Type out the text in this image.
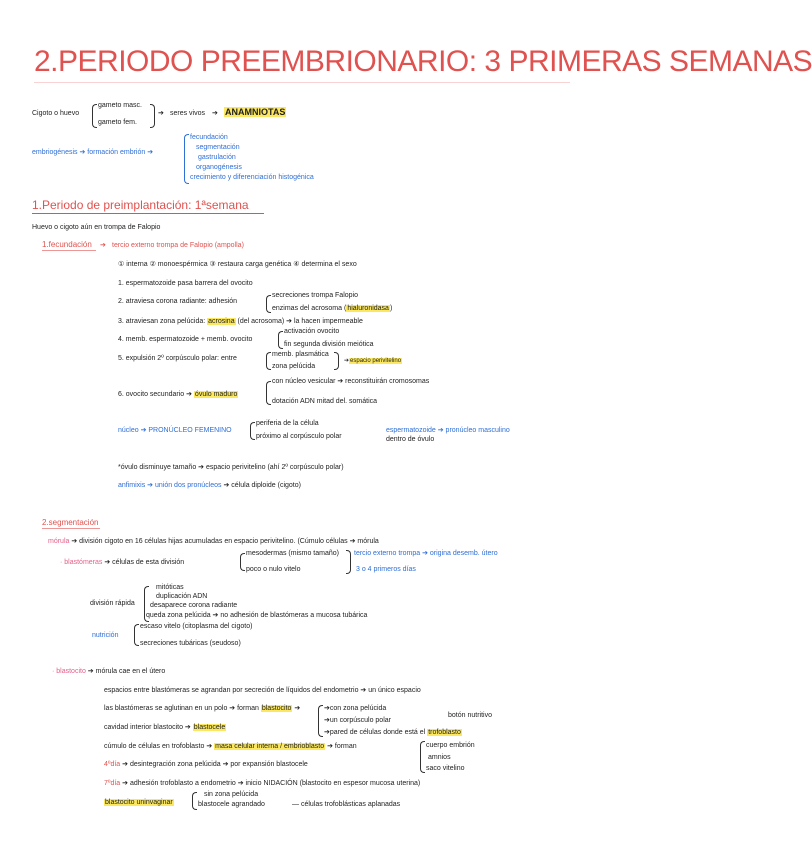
2.PERIODO PREEMBRIONARIO: 3 PRIMERAS SEMANAS
Cigoto o huevo
gameto masc.
gameto fem.
➔ seres vivos ➔ ANAMNIOTAS
embriogénesis ➔ formación embrión ➔
fecundación
segmentación
gastrulación
organogénesis
crecimiento y diferenciación histogénica
1.Periodo de preimplantación: 1ªsemana
Huevo o cigoto aún en trompa de Falopio
1.fecundación ➔ tercio externo trompa de Falopio (ampolla)
① interna ② monoespérmica ③ restaura carga genética ④ determina el sexo
1. espermatozoide pasa barrera del ovocito
2. atraviesa corona radiante: adhesión
secreciones trompa Falopio
enzimas del acrosoma (hialuronidasa)
3. atraviesan zona pelúcida: acrosina (del acrosoma) ➔ la hacen impermeable
4. memb. espermatozoide + memb. ovocito
activación ovocito
fin segunda división meiótica
5. expulsión 2º corpúsculo polar: entre
memb. plasmática
zona pelúcida
➔espacio perivitelino
6. ovocito secundario ➔ óvulo maduro
con núcleo vesicular ➔ reconstituirán cromosomas
dotación ADN mitad del. somática
núcleo ➔ PRONÚCLEO FEMENINO
periferia de la célula
próximo al corpúsculo polar
espermatozoide ➔ pronúcleo masculino
dentro de óvulo
*óvulo disminuye tamaño ➔ espacio perivitelino (ahí 2º corpúsculo polar)
anfimixis ➔ unión dos pronúcleos ➔ célula diploide (cigoto)
2.segmentación
mórula ➔ división cigoto en 16 células hijas acumuladas en espacio perivitelino. (Cúmulo células ➔ mórula
· blastómeras ➔ células de esta división
mesodermas (mismo tamaño)
poco o nulo vitelo
tercio externo trompa ➔ origina desemb. útero
3 o 4 primeros días
división rápida
mitóticas
duplicación ADN
desaparece corona radiante
queda zona pelúcida ➔ no adhesión de blastómeras a mucosa tubárica
nutrición
escaso vitelo (citoplasma del cigoto)
secreciones tubáricas (seudoso)
· blastocito ➔ mórula cae en el útero
espacios entre blastómeras se agrandan por secreción de líquidos del endometrio ➔ un único espacio
las blastómeras se aglutinan en un polo ➔ forman blastocito ➔	➔con zona pelúcida
➔un corpúsculo polar
➔pared de células donde está el trofoblasto
cavidad interior blastocito ➔ blastocele
cúmulo de células en trofoblasto ➔ masa celular interna / embrioblasto ➔ forman
botón nutritivo
cuerpo embrión
amnios
saco vitelino
4ºdía ➔ desintegración zona pelúcida ➔ por expansión blastocele
7ºdía ➔ adhesión trofoblasto a endometrio ➔ inicio NIDACIÓN (blastocito en espesor mucosa uterina)
sin zona pelúcida
blastocito uninvaginar	blastocele agrandado	— células trofoblásticas aplanadas
